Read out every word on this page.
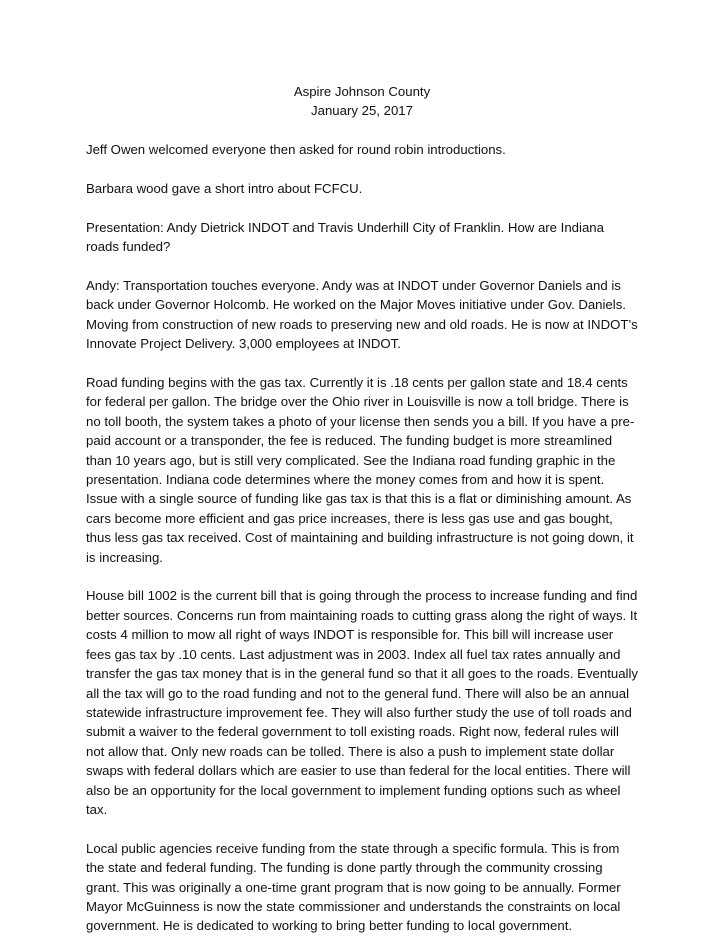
Aspire Johnson County
January 25, 2017

Jeff Owen welcomed everyone then asked for round robin introductions.

Barbara wood gave a short intro about FCFCU.

Presentation: Andy Dietrick INDOT and Travis Underhill City of Franklin. How are Indiana roads funded?

Andy: Transportation touches everyone. Andy was at INDOT under Governor Daniels and is back under Governor Holcomb. He worked on the Major Moves initiative under Gov. Daniels. Moving from construction of new roads to preserving new and old roads. He is now at INDOT’s Innovate Project Delivery. 3,000 employees at INDOT.

Road funding begins with the gas tax. Currently it is .18 cents per gallon state and 18.4 cents for federal per gallon. The bridge over the Ohio river in Louisville is now a toll bridge. There is no toll booth, the system takes a photo of your license then sends you a bill. If you have a pre-paid account or a transponder, the fee is reduced. The funding budget is more streamlined than 10 years ago, but is still very complicated. See the Indiana road funding graphic in the presentation. Indiana code determines where the money comes from and how it is spent. Issue with a single source of funding like gas tax is that this is a flat or diminishing amount. As cars become more efficient and gas price increases, there is less gas use and gas bought, thus less gas tax received. Cost of maintaining and building infrastructure is not going down, it is increasing.

House bill 1002 is the current bill that is going through the process to increase funding and find better sources. Concerns run from maintaining roads to cutting grass along the right of ways. It costs 4 million to mow all right of ways INDOT is responsible for. This bill will increase user fees gas tax by .10 cents. Last adjustment was in 2003. Index all fuel tax rates annually and transfer the gas tax money that is in the general fund so that it all goes to the roads. Eventually all the tax will go to the road funding and not to the general fund. There will also be an annual statewide infrastructure improvement fee. They will also further study the use of toll roads and submit a waiver to the federal government to toll existing roads. Right now, federal rules will not allow that. Only new roads can be tolled. There is also a push to implement state dollar swaps with federal dollars which are easier to use than federal for the local entities. There will also be an opportunity for the local government to implement funding options such as wheel tax.

Local public agencies receive funding from the state through a specific formula. This is from the state and federal funding. The funding is done partly through the community crossing grant. This was originally a one-time grant program that is now going to be annually. Former Mayor McGuinness is now the state commissioner and understands the constraints on local government. He is dedicated to working to bring better funding to local government.
